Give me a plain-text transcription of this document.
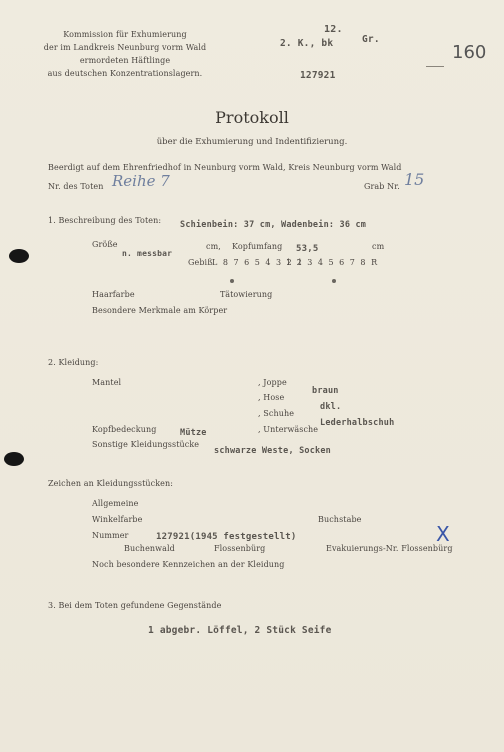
Kommission für Exhumierung
der im Landkreis Neunburg vorm Wald
ermordeten Häftlinge
aus deutschen Konzentrationslagern.
12.
2. K., bk	Gr.
127921
160
Protokoll
über die Exhumierung und Indentifizierung.
Beerdigt auf dem Ehrenfriedhof in Neunburg vorm Wald, Kreis Neunburg vorm Wald
Nr. des Toten Reihe 7	Grab Nr. 15
1. Beschreibung des Toten: Schienbein: 37 cm, Wadenbein: 36 cm
Größe
n. messbar
cm, Kopfumfang 53,5	cm
Gebiß L 8 7 6 5 4 3 2 1
1 2 3 4 5 6 7 8 R
Haarfarbe	Tätowierung
Besondere Merkmale am Körper
2. Kleidung:
Mantel	, Joppe
braun
, Hose
dkl.
, Schuhe
Lederhalbschuh
Kopfbedeckung	Mütze	, Unterwäsche
Sonstige Kleidungsstücke
schwarze Weste, Socken
Zeichen an Kleidungsstücken:
Allgemeine
Winkelfarbe	Buchstabe
Nummer	127921(1945 festgestellt)
Buchenwald	Flossenbürg	Evakuierungs-Nr. Flossenbürg
X
Noch besondere Kennzeichen an der Kleidung
3. Bei dem Toten gefundene Gegenstände
1 abgebr. Löffel, 2 Stück Seife
